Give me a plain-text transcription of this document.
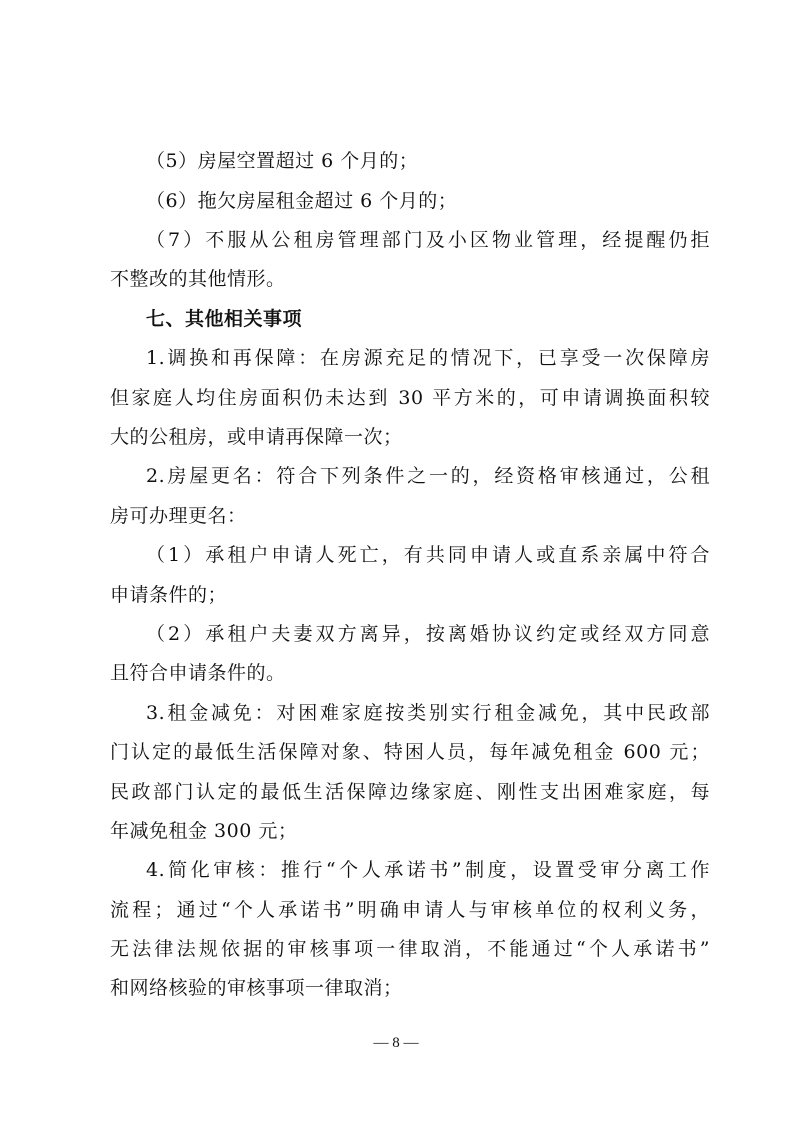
（5）房屋空置超过 6 个月的；
（6）拖欠房屋租金超过 6 个月的；
（7）不服从公租房管理部门及小区物业管理，经提醒仍拒
不整改的其他情形。
七、其他相关事项
1.调换和再保障：在房源充足的情况下，已享受一次保障房
但家庭人均住房面积仍未达到 30 平方米的，可申请调换面积较
大的公租房，或申请再保障一次；
2.房屋更名：符合下列条件之一的，经资格审核通过，公租
房可办理更名：
（1）承租户申请人死亡，有共同申请人或直系亲属中符合
申请条件的；
（2）承租户夫妻双方离异，按离婚协议约定或经双方同意
且符合申请条件的。
3.租金减免：对困难家庭按类别实行租金减免，其中民政部
门认定的最低生活保障对象、特困人员，每年减免租金 600 元；
民政部门认定的最低生活保障边缘家庭、刚性支出困难家庭，每
年减免租金 300 元；
4.简化审核：推行“个人承诺书”制度，设置受审分离工作
流程；通过“个人承诺书”明确申请人与审核单位的权利义务，
无法律法规依据的审核事项一律取消，不能通过“个人承诺书”
和网络核验的审核事项一律取消；
— 8 —
